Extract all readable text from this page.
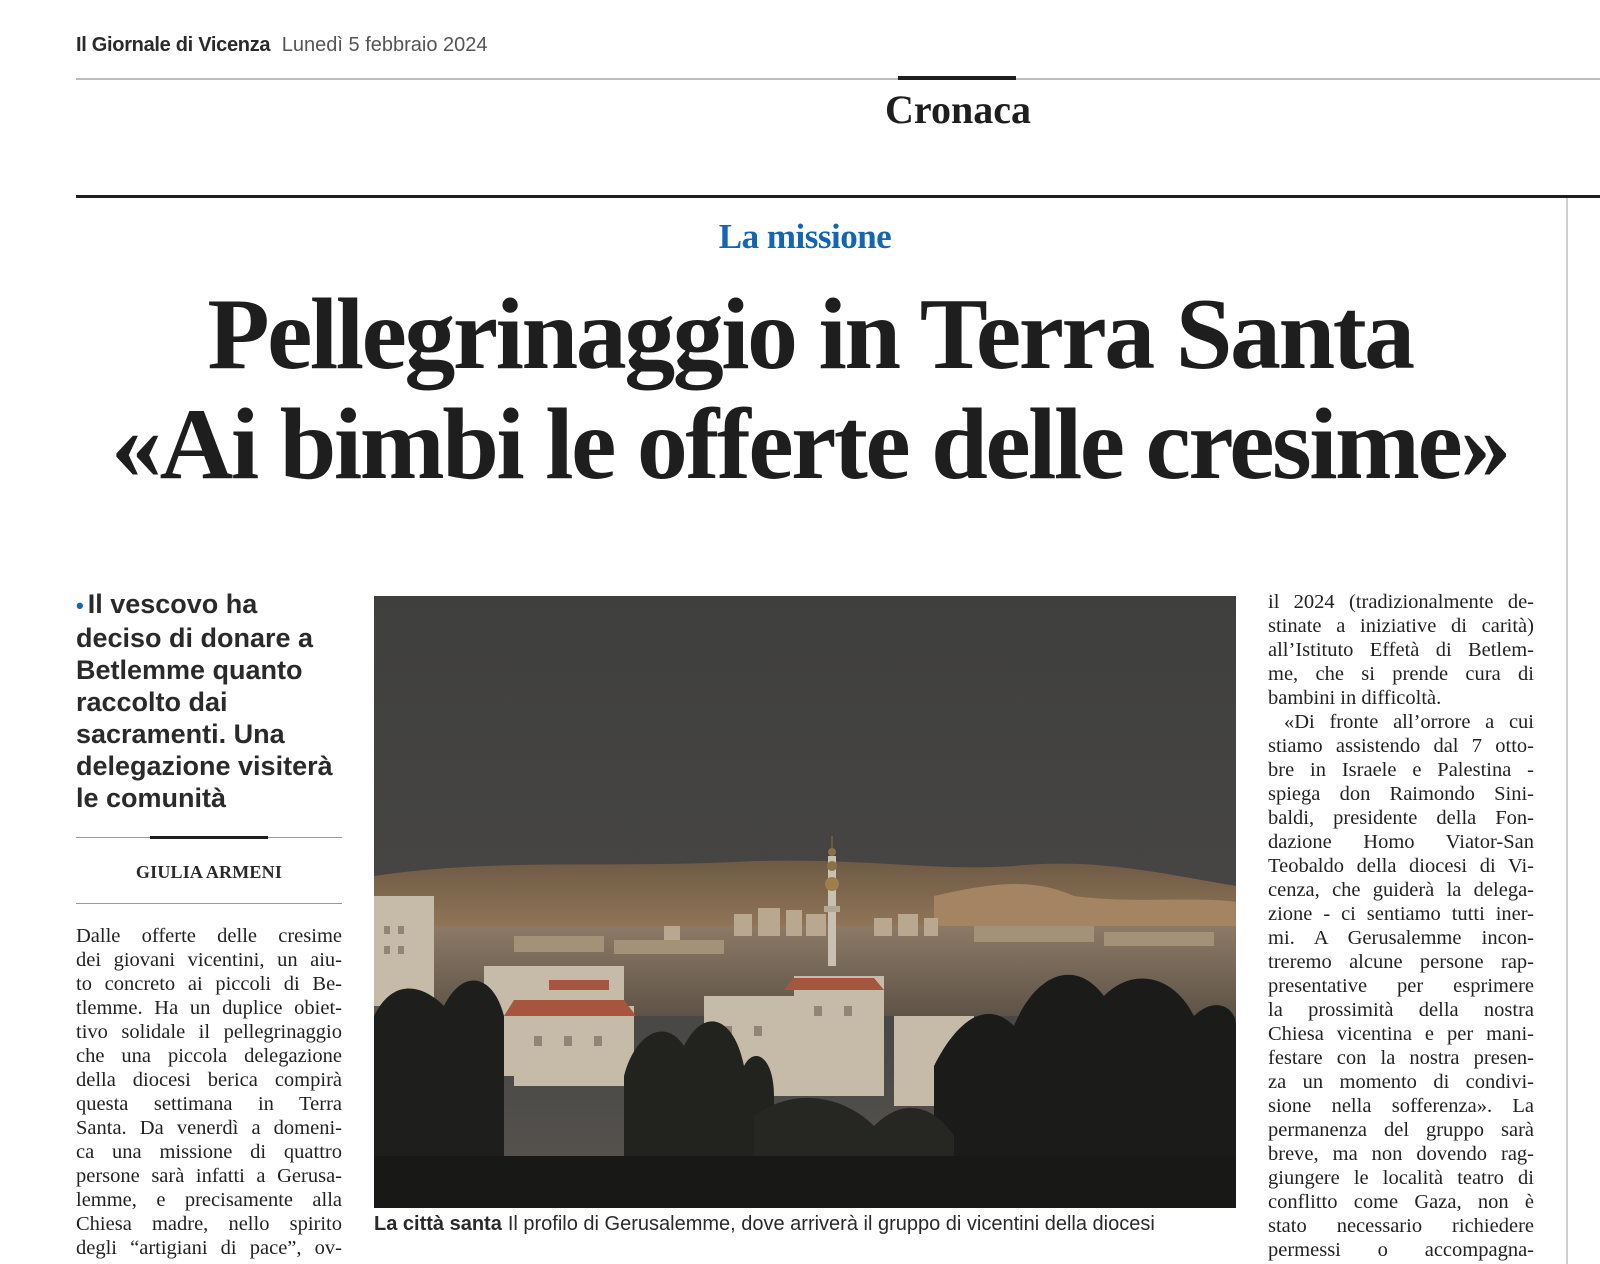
Il Giornale di Vicenza Lunedì 5 febbraio 2024
Cronaca
La missione
Pellegrinaggio in Terra Santa
«Ai bimbi le offerte delle cresime»
• Il vescovo ha deciso di donare a Betlemme quanto raccolto dai sacramenti. Una delegazione visiterà le comunità
GIULIA ARMENI
Dalle offerte delle cresime
dei giovani vicentini, un aiu-
to concreto ai piccoli di Be-
tlemme. Ha un duplice obiet-
tivo solidale il pellegrinaggio
che una piccola delegazione
della diocesi berica compirà
questa settimana in Terra
Santa. Da venerdì a domeni-
ca una missione di quattro
persone sarà infatti a Gerusa-
lemme, e precisamente alla
Chiesa madre, nello spirito
degli “artigiani di pace”, ov-
La città santa Il profilo di Gerusalemme, dove arriverà il gruppo di vicentini della diocesi
il 2024 (tradizionalmente de-
stinate a iniziative di carità)
all’Istituto Effetà di Betlem-
me, che si prende cura di
bambini in difficoltà.
«Di fronte all’orrore a cui
stiamo assistendo dal 7 otto-
bre in Israele e Palestina -
spiega don Raimondo Sini-
baldi, presidente della Fon-
dazione Homo Viator-San
Teobaldo della diocesi di Vi-
cenza, che guiderà la delega-
zione - ci sentiamo tutti iner-
mi. A Gerusalemme incon-
treremo alcune persone rap-
presentative per esprimere
la prossimità della nostra
Chiesa vicentina e per mani-
festare con la nostra presen-
za un momento di condivi-
sione nella sofferenza». La
permanenza del gruppo sarà
breve, ma non dovendo rag-
giungere le località teatro di
conflitto come Gaza, non è
stato necessario richiedere
permessi o accompagna-
